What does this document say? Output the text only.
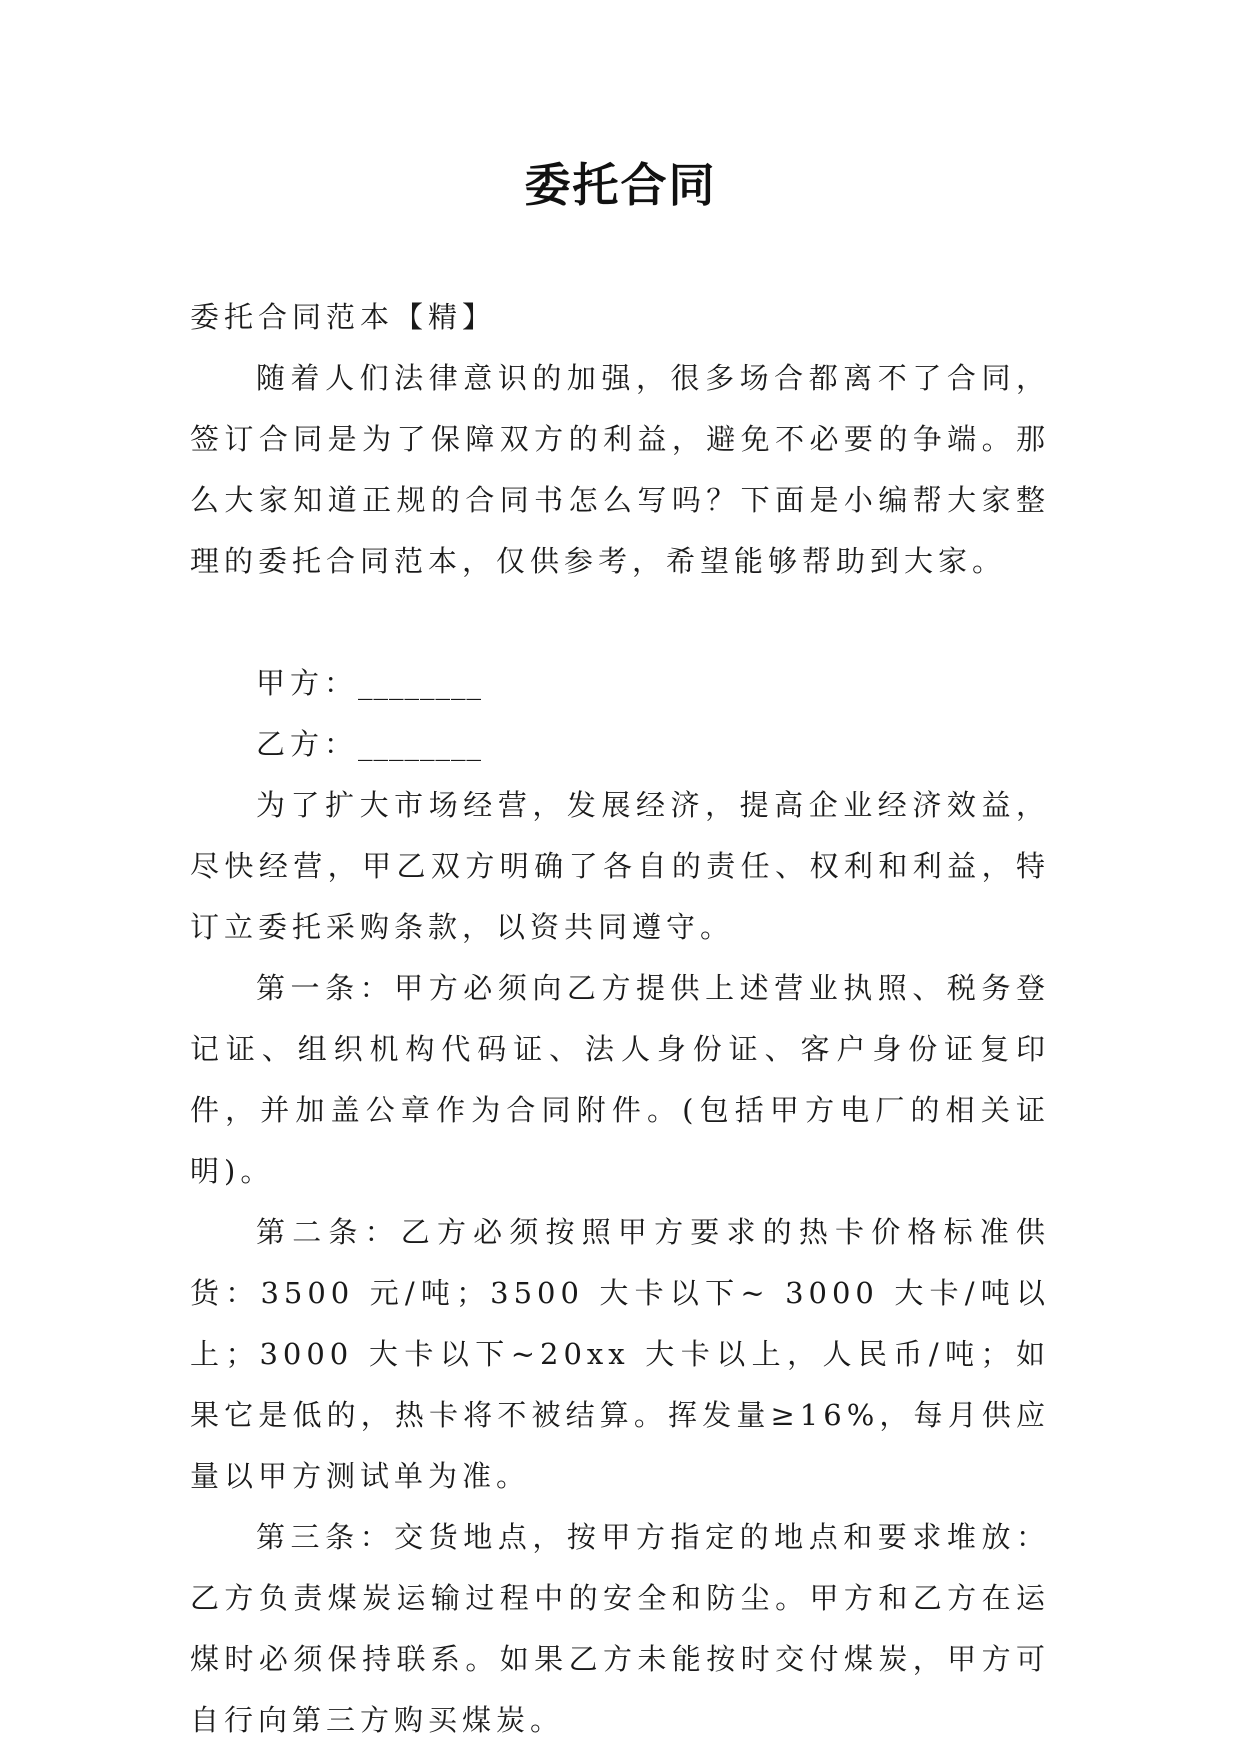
委托合同

委托合同范本【精】

随着人们法律意识的加强，很多场合都离不了合同，签订合同是为了保障双方的利益，避免不必要的争端。那么大家知道正规的合同书怎么写吗？下面是小编帮大家整理的委托合同范本，仅供参考，希望能够帮助到大家。

甲方：________

乙方：________

为了扩大市场经营，发展经济，提高企业经济效益，尽快经营，甲乙双方明确了各自的责任、权利和利益，特订立委托采购条款，以资共同遵守。

第一条：甲方必须向乙方提供上述营业执照、税务登记证、组织机构代码证、法人身份证、客户身份证复印件，并加盖公章作为合同附件。(包括甲方电厂的相关证明)。

第二条：乙方必须按照甲方要求的热卡价格标准供货：3500 元/吨；3500 大卡以下~ 3000 大卡/吨以上；3000 大卡以下~20xx 大卡以上，人民币/吨；如果它是低的，热卡将不被结算。挥发量≥16%，每月供应量以甲方测试单为准。

第三条：交货地点，按甲方指定的地点和要求堆放：乙方负责煤炭运输过程中的安全和防尘。甲方和乙方在运煤时必须保持联系。如果乙方未能按时交付煤炭，甲方可自行向第三方购买煤炭。
